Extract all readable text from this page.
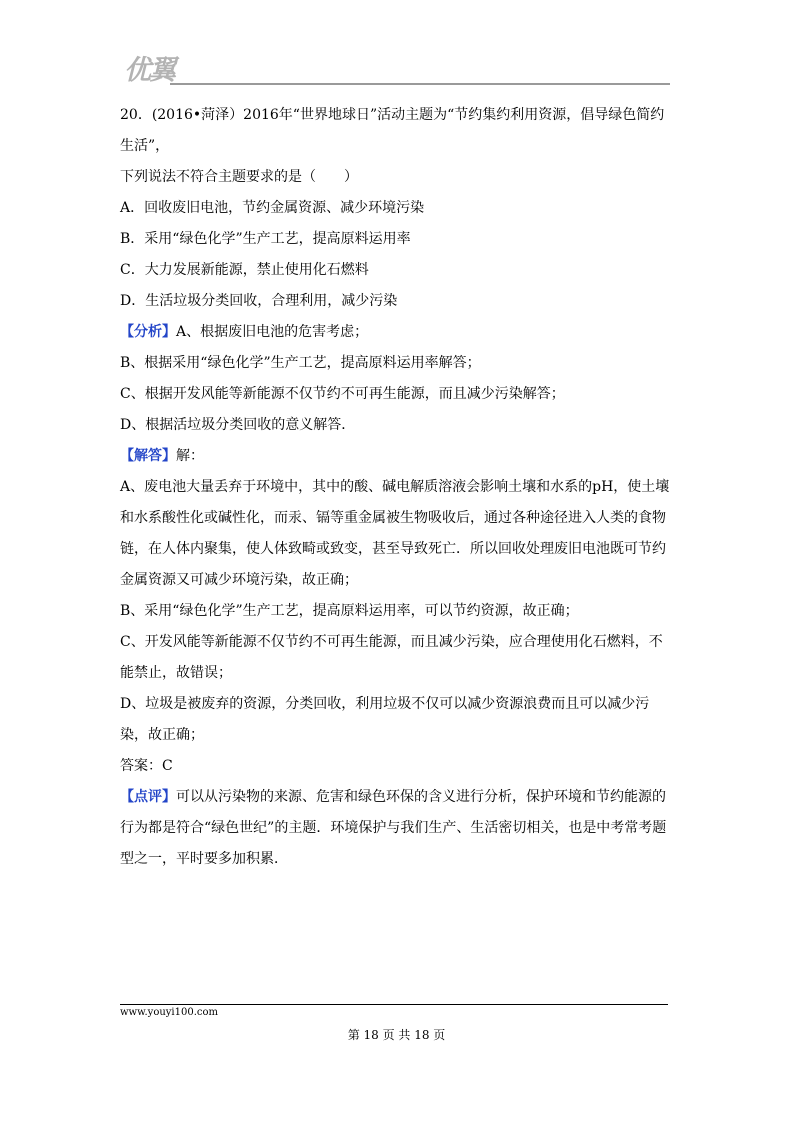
优翼

20．(2016•菏泽）2016年“世界地球日”活动主题为“节约集约利用资源，倡导绿色简约生活”，

下列说法不符合主题要求的是（　　）

A．回收废旧电池，节约金属资源、减少环境污染

B．采用“绿色化学”生产工艺，提高原料运用率

C．大力发展新能源，禁止使用化石燃料

D．生活垃圾分类回收，合理利用，减少污染

【分析】A、根据废旧电池的危害考虑；

B、根据采用“绿色化学”生产工艺，提高原料运用率解答；

C、根据开发风能等新能源不仅节约不可再生能源，而且减少污染解答；

D、根据活垃圾分类回收的意义解答．

【解答】解：

A、废电池大量丢弃于环境中，其中的酸、碱电解质溶液会影响土壤和水系的pH，使土壤和水系酸性化或碱性化，而汞、镉等重金属被生物吸收后，通过各种途径进入人类的食物链，在人体内聚集，使人体致畸或致变，甚至导致死亡．所以回收处理废旧电池既可节约金属资源又可减少环境污染，故正确；

B、采用“绿色化学”生产工艺，提高原料运用率，可以节约资源，故正确；

C、开发风能等新能源不仅节约不可再生能源，而且减少污染，应合理使用化石燃料，不能禁止，故错误；

D、垃圾是被废弃的资源，分类回收，利用垃圾不仅可以减少资源浪费而且可以减少污染，故正确；

答案：C

【点评】可以从污染物的来源、危害和绿色环保的含义进行分析，保护环境和节约能源的行为都是符合“绿色世纪”的主题．环境保护与我们生产、生活密切相关，也是中考常考题型之一，平时要多加积累．

www.youyi100.com
第 18 页 共 18 页
